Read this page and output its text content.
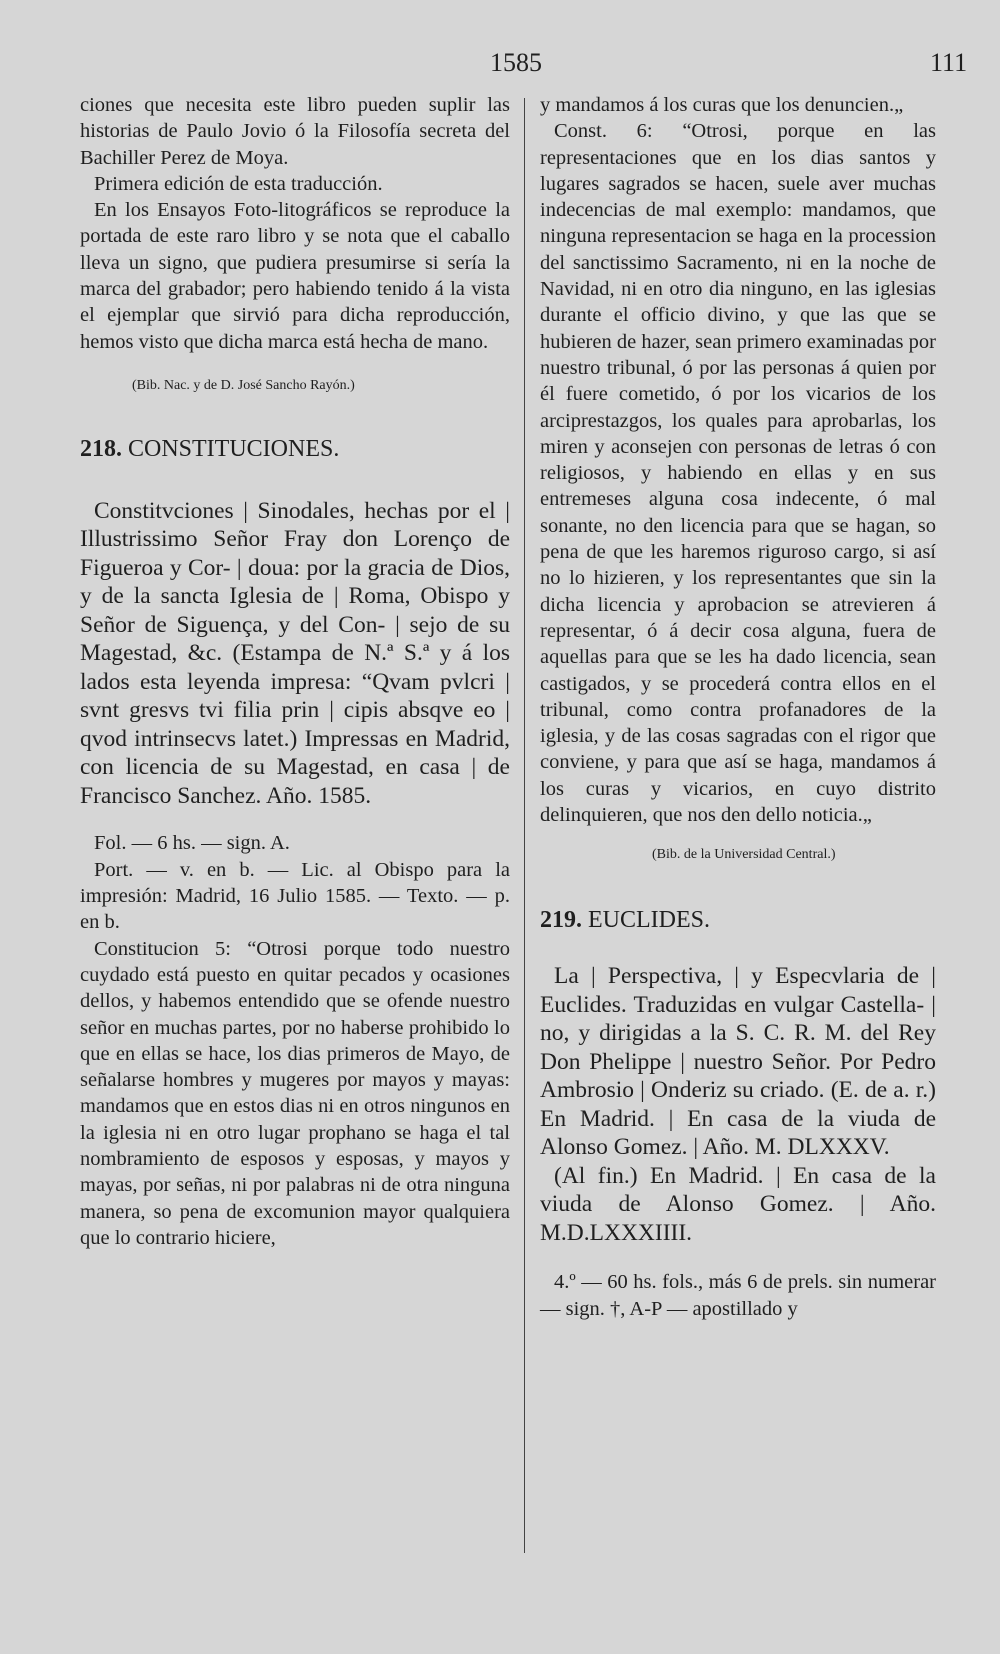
1585	111

ciones que necesita este libro pueden suplir las historias de Paulo Jovio ó la Filosofía secreta del Bachiller Perez de Moya.

Primera edición de esta traducción.

En los Ensayos Foto-litográficos se reproduce la portada de este raro libro y se nota que el caballo lleva un signo, que pudiera presumirse si sería la marca del grabador; pero habiendo tenido á la vista el ejemplar que sirvió para dicha reproducción, hemos visto que dicha marca está hecha de mano.

(Bib. Nac. y de D. José Sancho Rayón.)

218. CONSTITUCIONES.

Constitvciones | Sinodales, hechas por el | Illustrissimo Señor Fray don Lorenço de Figueroa y Cor- | doua: por la gracia de Dios, y de la sancta Iglesia de | Roma, Obispo y Señor de Siguença, y del Con- | sejo de su Magestad, &c. (Estampa de N.ª S.ª y á los lados esta leyenda impresa: “Qvam pvlcri | svnt gresvs tvi filia prin | cipis absqve eo | qvod intrinsecvs latet.) Impressas en Madrid, con licencia de su Magestad, en casa | de Francisco Sanchez. Año. 1585.

Fol. — 6 hs. — sign. A.

Port. — v. en b. — Lic. al Obispo para la impresión: Madrid, 16 Julio 1585. — Texto. — p. en b.

Constitucion 5: “Otrosi porque todo nuestro cuydado está puesto en quitar pecados y ocasiones dellos, y habemos entendido que se ofende nuestro señor en muchas partes, por no haberse prohibido lo que en ellas se hace, los dias primeros de Mayo, de señalarse hombres y mugeres por mayos y mayas: mandamos que en estos dias ni en otros ningunos en la iglesia ni en otro lugar prophano se haga el tal nombramiento de esposos y esposas, y mayos y mayas, por señas, ni por palabras ni de otra ninguna manera, so pena de excomunion mayor qualquiera que lo contrario hiciere,

y mandamos á los curas que los denuncien.„

Const. 6: “Otrosi, porque en las representaciones que en los dias santos y lugares sagrados se hacen, suele aver muchas indecencias de mal exemplo: mandamos, que ninguna representacion se haga en la procession del sanctissimo Sacramento, ni en la noche de Navidad, ni en otro dia ninguno, en las iglesias durante el officio divino, y que las que se hubieren de hazer, sean primero examinadas por nuestro tribunal, ó por las personas á quien por él fuere cometido, ó por los vicarios de los arciprestazgos, los quales para aprobarlas, los miren y aconsejen con personas de letras ó con religiosos, y habiendo en ellas y en sus entremeses alguna cosa indecente, ó mal sonante, no den licencia para que se hagan, so pena de que les haremos riguroso cargo, si así no lo hizieren, y los representantes que sin la dicha licencia y aprobacion se atrevieren á representar, ó á decir cosa alguna, fuera de aquellas para que se les ha dado licencia, sean castigados, y se procederá contra ellos en el tribunal, como contra profanadores de la iglesia, y de las cosas sagradas con el rigor que conviene, y para que así se haga, mandamos á los curas y vicarios, en cuyo distrito delinquieren, que nos den dello noticia.„

(Bib. de la Universidad Central.)

219. EUCLIDES.

La | Perspectiva, | y Especvlaria de | Euclides. Traduzidas en vulgar Castella- | no, y dirigidas a la S. C. R. M. del Rey Don Phelippe | nuestro Señor. Por Pedro Ambrosio | Onderiz su criado. (E. de a. r.) En Madrid. | En casa de la viuda de Alonso Gomez. | Año. M. DLXXXV.

(Al fin.) En Madrid. | En casa de la viuda de Alonso Gomez. | Año. M.D.LXXXIIII.

4.º — 60 hs. fols., más 6 de prels. sin numerar — sign. †, A-P — apostillado y
